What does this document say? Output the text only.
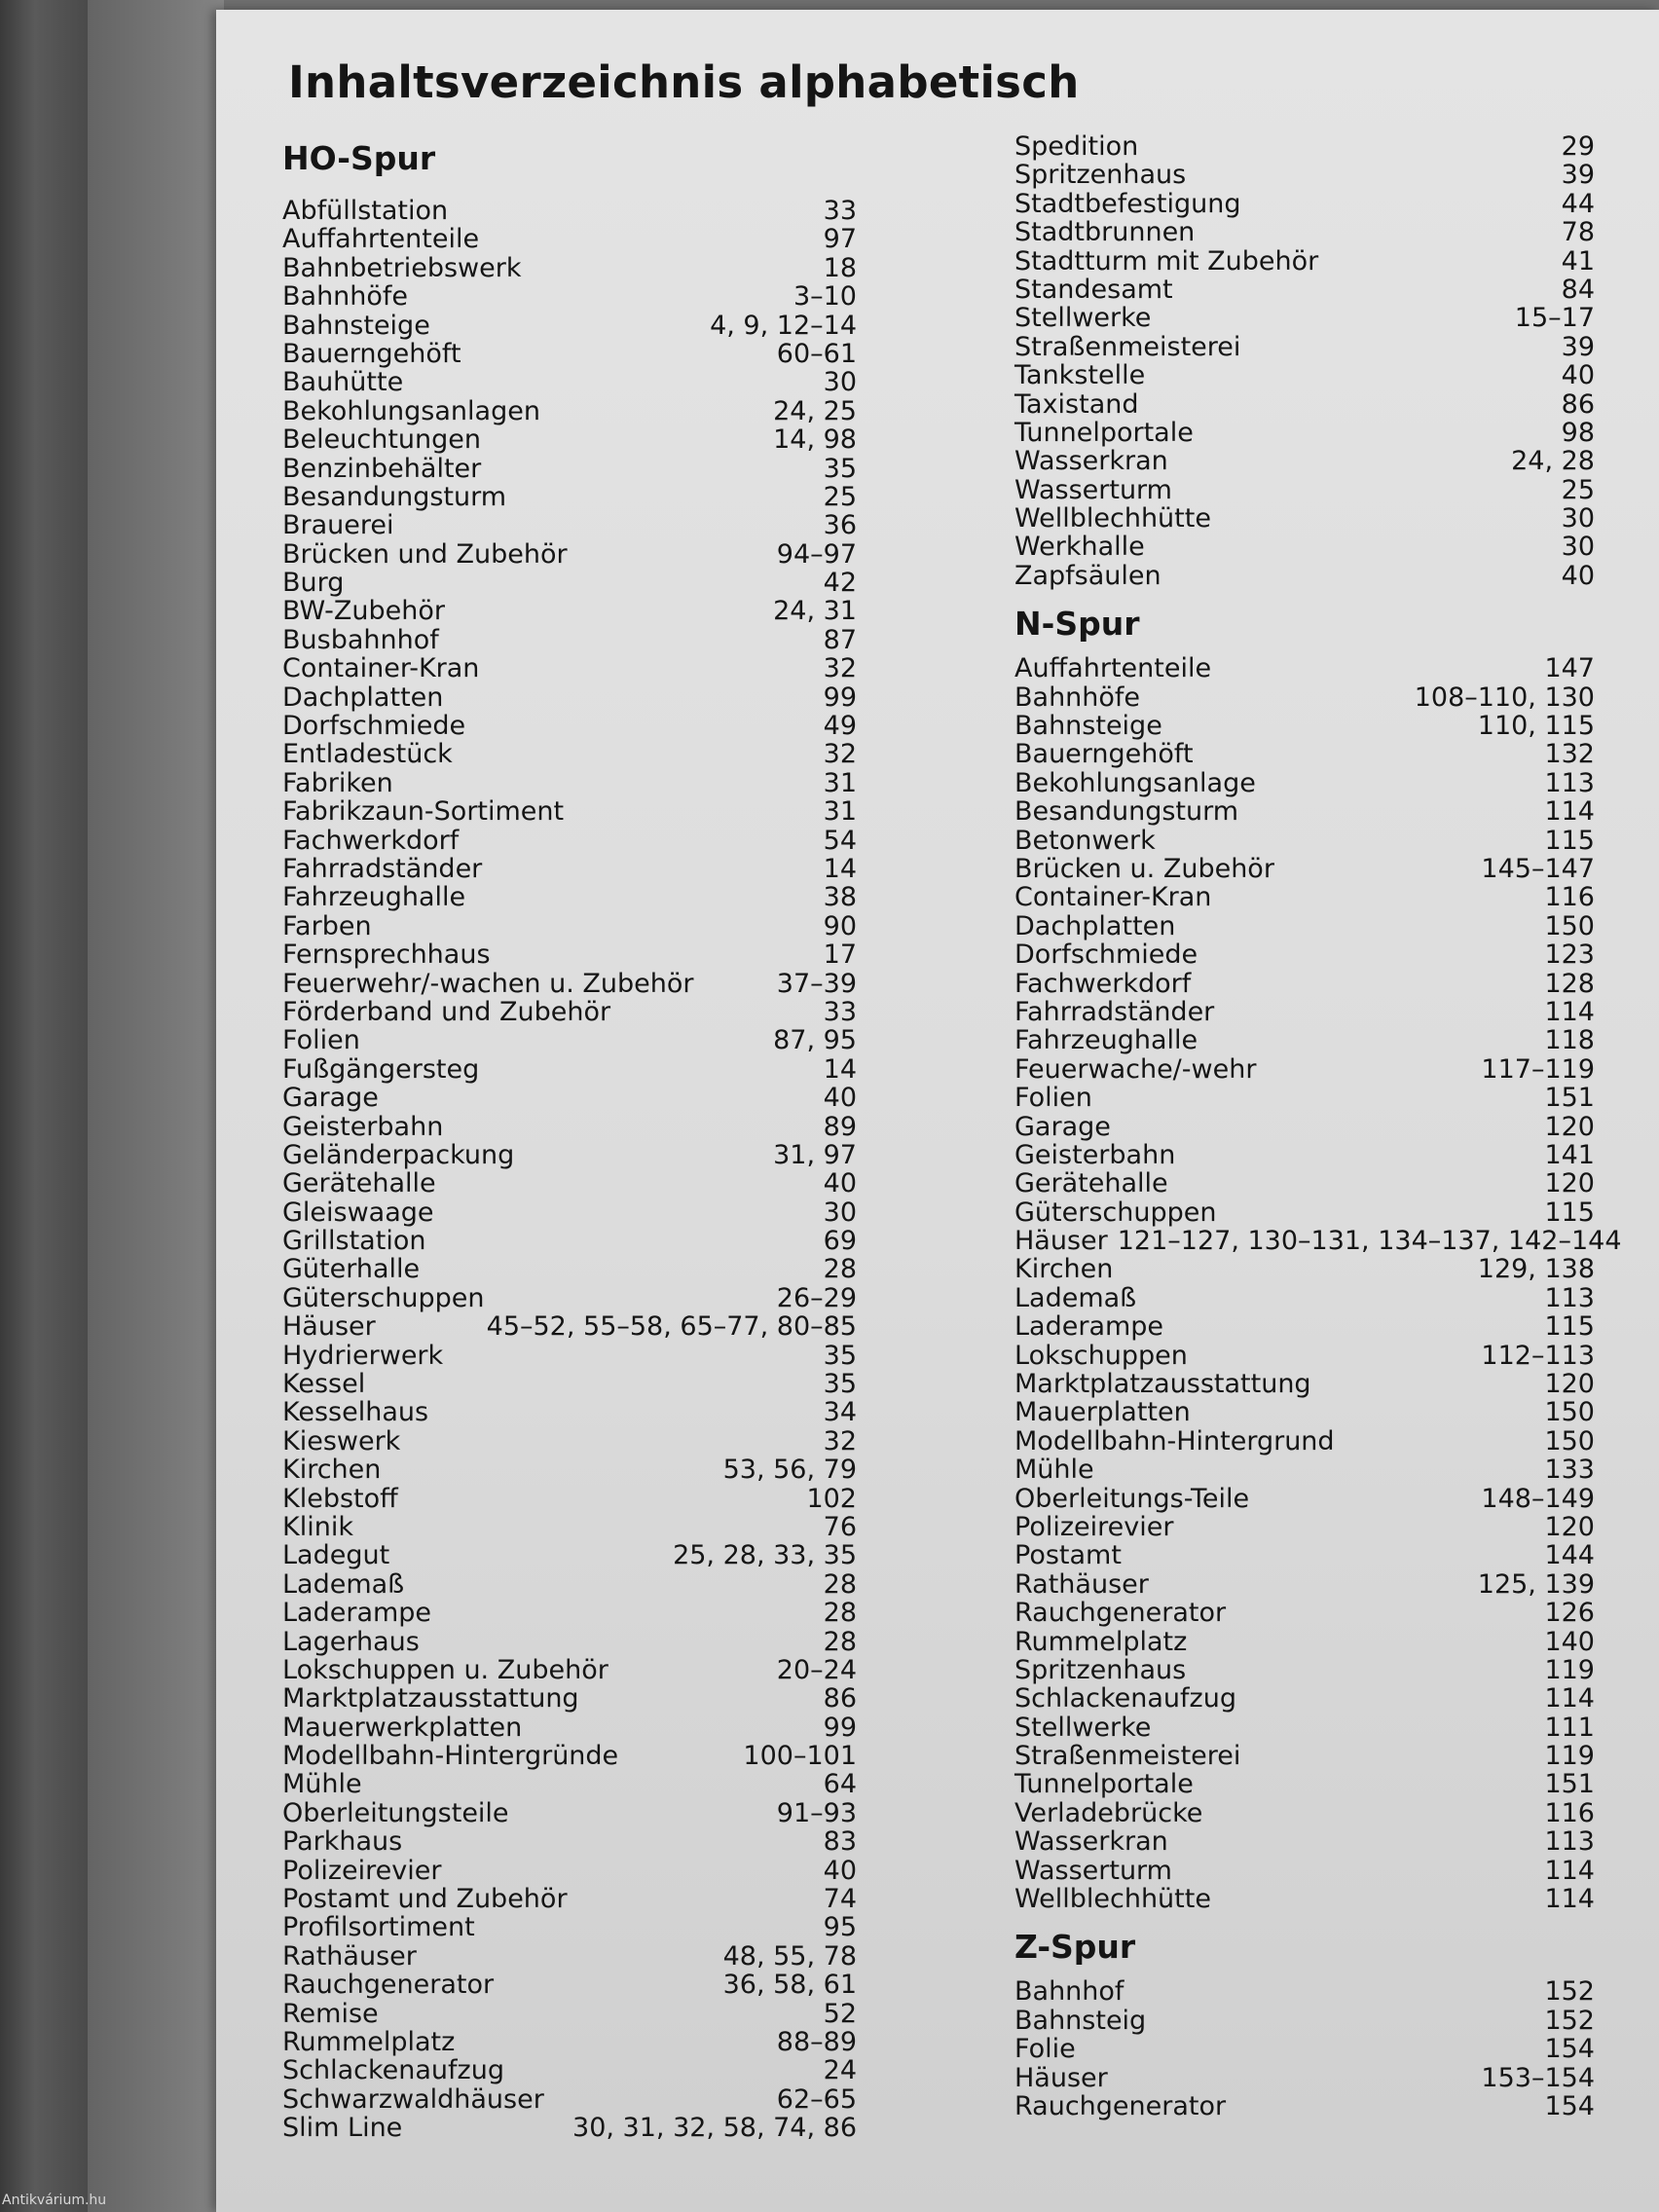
Inhaltsverzeichnis alphabetisch
HO-Spur
Abfüllstation	33
Auffahrtenteile	97
Bahnbetriebswerk	18
Bahnhöfe	3–10
Bahnsteige	4, 9, 12–14
Bauerngehöft	60–61
Bauhütte	30
Bekohlungsanlagen	24, 25
Beleuchtungen	14, 98
Benzinbehälter	35
Besandungsturm	25
Brauerei	36
Brücken und Zubehör	94–97
Burg	42
BW-Zubehör	24, 31
Busbahnhof	87
Container-Kran	32
Dachplatten	99
Dorfschmiede	49
Entladestück	32
Fabriken	31
Fabrikzaun-Sortiment	31
Fachwerkdorf	54
Fahrradständer	14
Fahrzeughalle	38
Farben	90
Fernsprechhaus	17
Feuerwehr/-wachen u. Zubehör	37–39
Förderband und Zubehör	33
Folien	87, 95
Fußgängersteg	14
Garage	40
Geisterbahn	89
Geländerpackung	31, 97
Gerätehalle	40
Gleiswaage	30
Grillstation	69
Güterhalle	28
Güterschuppen	26–29
Häuser	45–52, 55–58, 65–77, 80–85
Hydrierwerk	35
Kessel	35
Kesselhaus	34
Kieswerk	32
Kirchen	53, 56, 79
Klebstoff	102
Klinik	76
Ladegut	25, 28, 33, 35
Lademaß	28
Laderampe	28
Lagerhaus	28
Lokschuppen u. Zubehör	20–24
Marktplatzausstattung	86
Mauerwerkplatten	99
Modellbahn-Hintergründe	100–101
Mühle	64
Oberleitungsteile	91–93
Parkhaus	83
Polizeirevier	40
Postamt und Zubehör	74
Profilsortiment	95
Rathäuser	48, 55, 78
Rauchgenerator	36, 58, 61
Remise	52
Rummelplatz	88–89
Schlackenaufzug	24
Schwarzwaldhäuser	62–65
Slim Line	30, 31, 32, 58, 74, 86
Spedition	29
Spritzenhaus	39
Stadtbefestigung	44
Stadtbrunnen	78
Stadtturm mit Zubehör	41
Standesamt	84
Stellwerke	15–17
Straßenmeisterei	39
Tankstelle	40
Taxistand	86
Tunnelportale	98
Wasserkran	24, 28
Wasserturm	25
Wellblechhütte	30
Werkhalle	30
Zapfsäulen	40
N-Spur
Auffahrtenteile	147
Bahnhöfe	108–110, 130
Bahnsteige	110, 115
Bauerngehöft	132
Bekohlungsanlage	113
Besandungsturm	114
Betonwerk	115
Brücken u. Zubehör	145–147
Container-Kran	116
Dachplatten	150
Dorfschmiede	123
Fachwerkdorf	128
Fahrradständer	114
Fahrzeughalle	118
Feuerwache/-wehr	117–119
Folien	151
Garage	120
Geisterbahn	141
Gerätehalle	120
Güterschuppen	115
Häuser 121–127, 130–131, 134–137, 142–144
Kirchen	129, 138
Lademaß	113
Laderampe	115
Lokschuppen	112–113
Marktplatzausstattung	120
Mauerplatten	150
Modellbahn-Hintergrund	150
Mühle	133
Oberleitungs-Teile	148–149
Polizeirevier	120
Postamt	144
Rathäuser	125, 139
Rauchgenerator	126
Rummelplatz	140
Spritzenhaus	119
Schlackenaufzug	114
Stellwerke	111
Straßenmeisterei	119
Tunnelportale	151
Verladebrücke	116
Wasserkran	113
Wasserturm	114
Wellblechhütte	114
Z-Spur
Bahnhof	152
Bahnsteig	152
Folie	154
Häuser	153–154
Rauchgenerator	154
Antikvárium.hu
